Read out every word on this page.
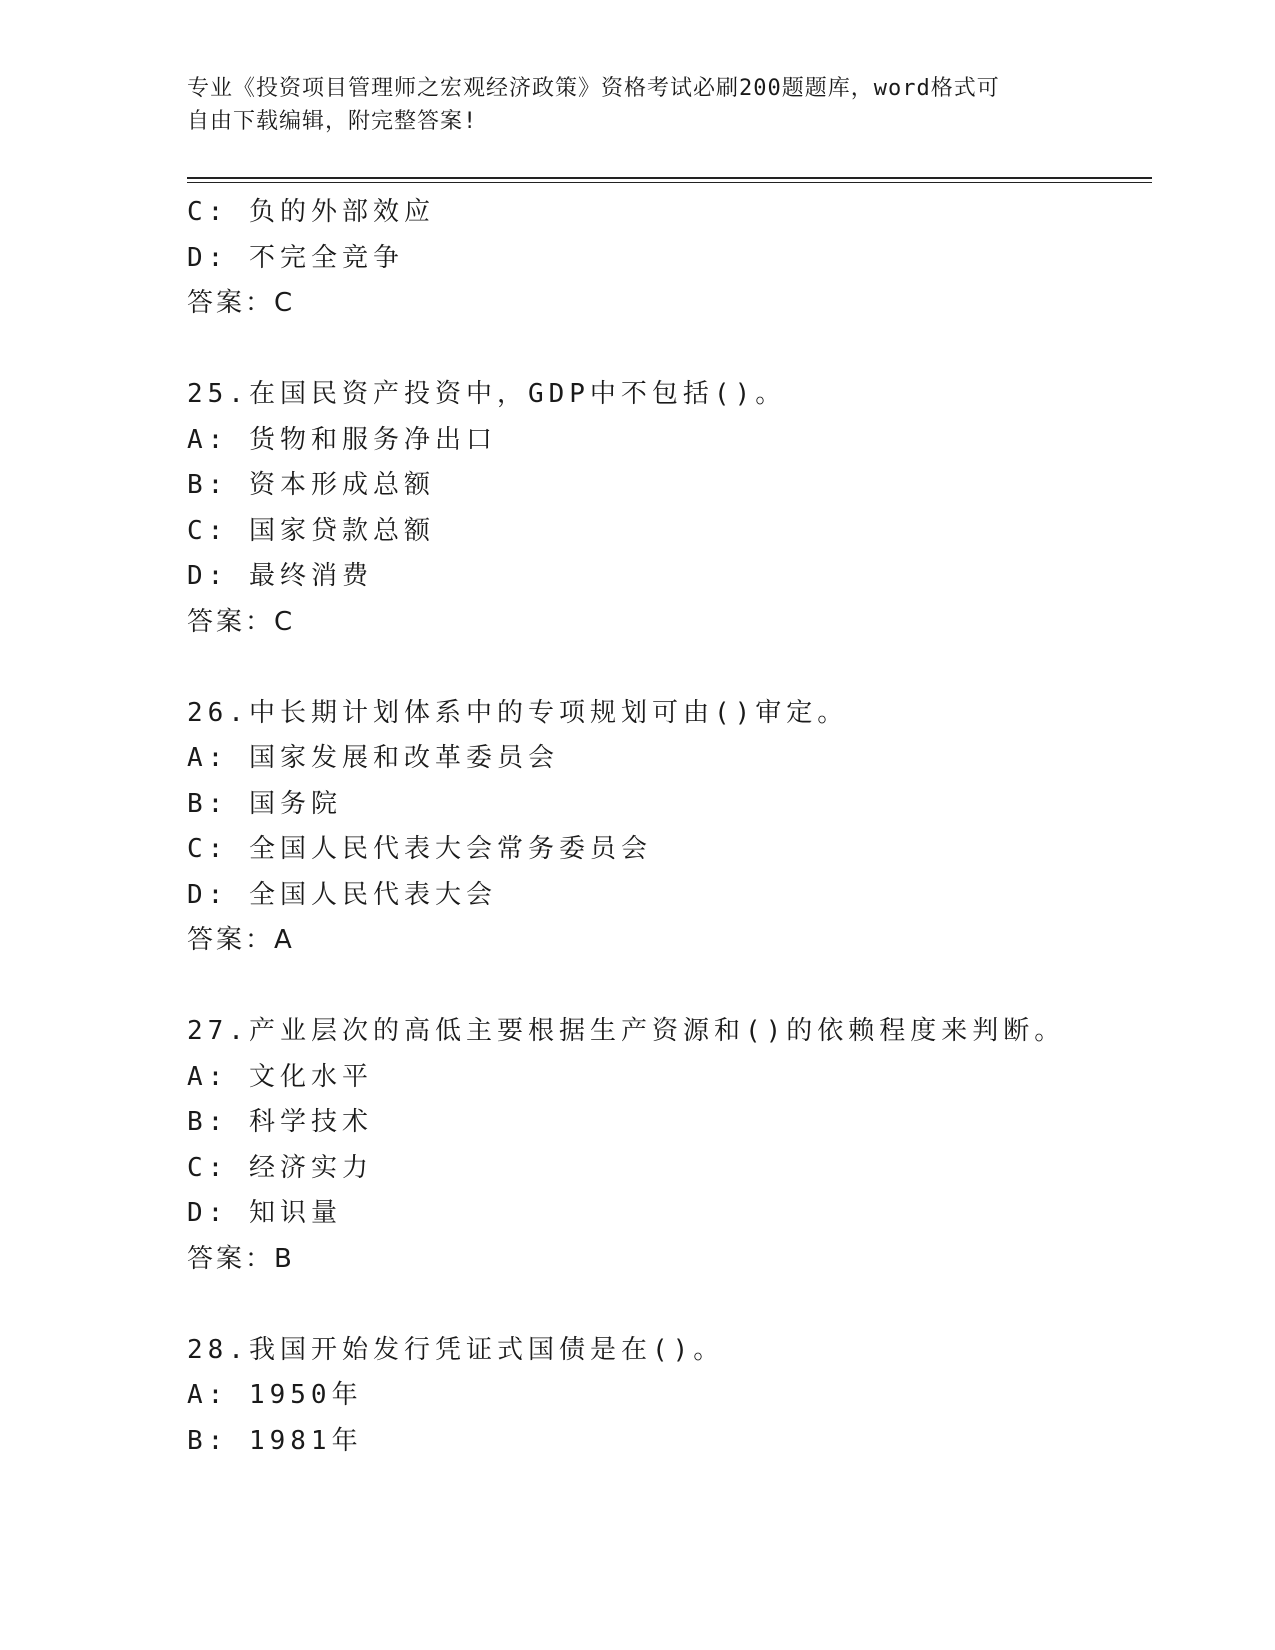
专业《投资项目管理师之宏观经济政策》资格考试必刷200题题库，word格式可
自由下载编辑，附完整答案!
C: 负的外部效应
D: 不完全竞争
答案：C
25.在国民资产投资中，GDP中不包括()。
A: 货物和服务净出口
B: 资本形成总额
C: 国家贷款总额
D: 最终消费
答案：C
26.中长期计划体系中的专项规划可由()审定。
A: 国家发展和改革委员会
B: 国务院
C: 全国人民代表大会常务委员会
D: 全国人民代表大会
答案：A
27.产业层次的高低主要根据生产资源和()的依赖程度来判断。
A: 文化水平
B: 科学技术
C: 经济实力
D: 知识量
答案：B
28.我国开始发行凭证式国债是在()。
A: 1950年
B: 1981年
